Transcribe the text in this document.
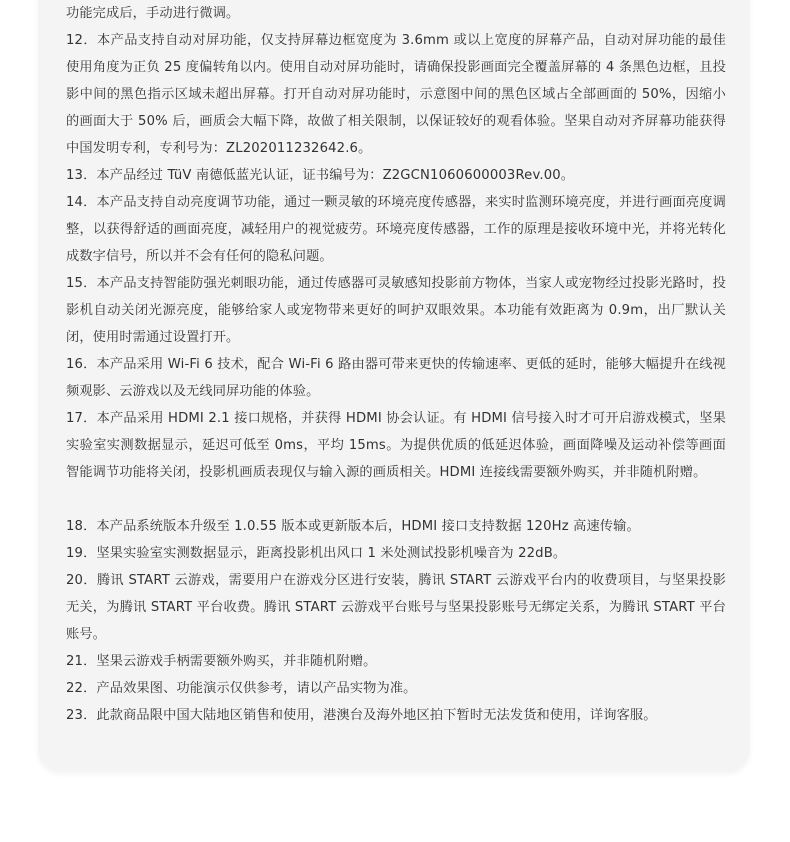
功能完成后，手动进行微调。

12．本产品支持自动对屏功能，仅支持屏幕边框宽度为 3.6mm 或以上宽度的屏幕产品，自动对屏功能的最佳使用角度为正负 25 度偏转角以内。使用自动对屏功能时，请确保投影画面完全覆盖屏幕的 4 条黑色边框，且投影中间的黑色指示区域未超出屏幕。打开自动对屏功能时，示意图中间的黑色区域占全部画面的 50%，因缩小的画面大于 50% 后，画质会大幅下降，故做了相关限制，以保证较好的观看体验。坚果自动对齐屏幕功能获得中国发明专利，专利号为：ZL202011232642.6。

13．本产品经过 TüV 南德低蓝光认证，证书编号为：Z2GCN1060600003Rev.00。

14．本产品支持自动亮度调节功能，通过一颗灵敏的环境亮度传感器，来实时监测环境亮度，并进行画面亮度调整，以获得舒适的画面亮度，减轻用户的视觉疲劳。环境亮度传感器，工作的原理是接收环境中光，并将光转化成数字信号，所以并不会有任何的隐私问题。

15．本产品支持智能防强光刺眼功能，通过传感器可灵敏感知投影前方物体，当家人或宠物经过投影光路时，投影机自动关闭光源亮度，能够给家人或宠物带来更好的呵护双眼效果。本功能有效距离为 0.9m，出厂默认关闭，使用时需通过设置打开。

16．本产品采用 Wi-Fi 6 技术，配合 Wi-Fi 6 路由器可带来更快的传输速率、更低的延时，能够大幅提升在线视频观影、云游戏以及无线同屏功能的体验。

17．本产品采用 HDMI 2.1 接口规格，并获得 HDMI 协会认证。有 HDMI 信号接入时才可开启游戏模式，坚果实验室实测数据显示，延迟可低至 0ms，平均 15ms。为提供优质的低延迟体验，画面降噪及运动补偿等画面智能调节功能将关闭，投影机画质表现仅与输入源的画质相关。HDMI 连接线需要额外购买，并非随机附赠。

18．本产品系统版本升级至 1.0.55 版本或更新版本后，HDMI 接口支持数据 120Hz 高速传输。

19．坚果实验室实测数据显示，距离投影机出风口 1 米处测试投影机噪音为 22dB。

20．腾讯 START 云游戏，需要用户在游戏分区进行安装，腾讯 START 云游戏平台内的收费项目，与坚果投影无关，为腾讯 START 平台收费。腾讯 START 云游戏平台账号与坚果投影账号无绑定关系，为腾讯 START 平台账号。

21．坚果云游戏手柄需要额外购买，并非随机附赠。

22．产品效果图、功能演示仅供参考，请以产品实物为准。

23．此款商品限中国大陆地区销售和使用，港澳台及海外地区拍下暂时无法发货和使用，详询客服。
